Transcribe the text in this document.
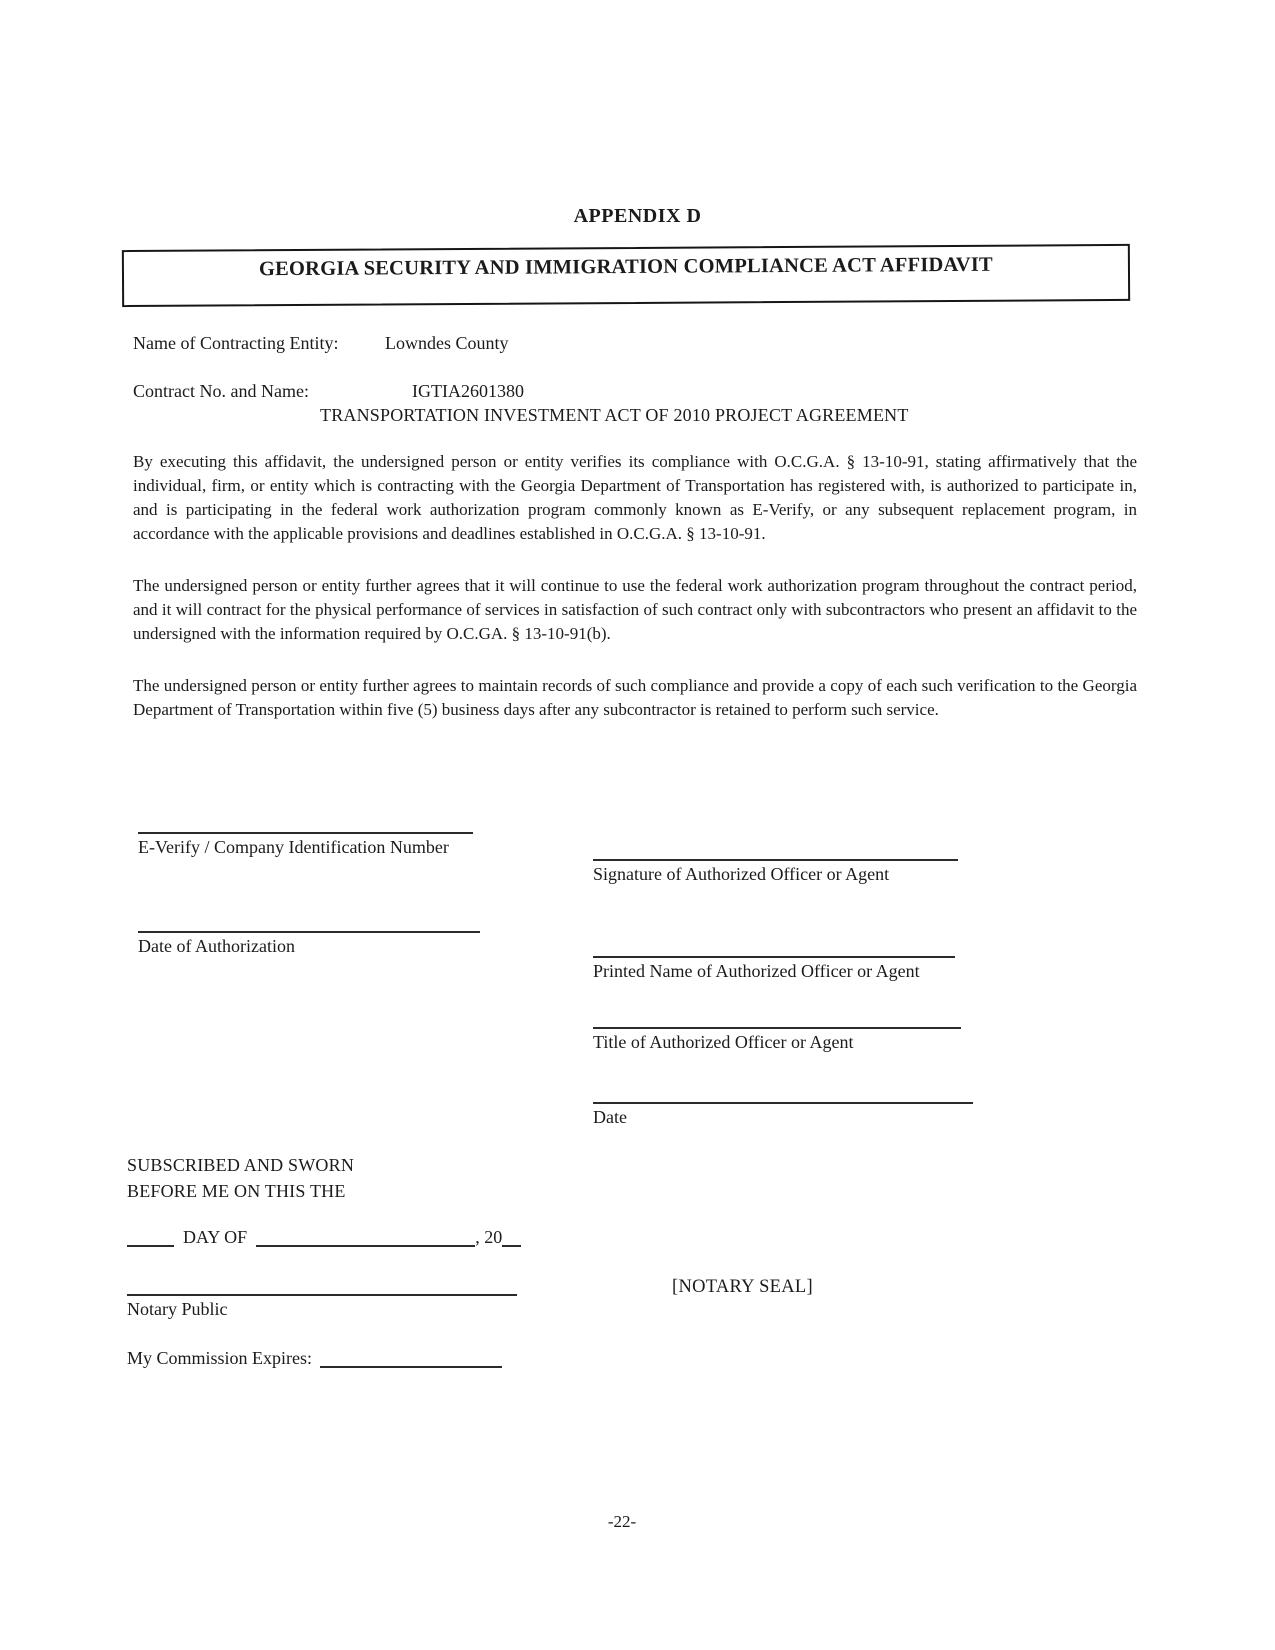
APPENDIX D
GEORGIA SECURITY AND IMMIGRATION COMPLIANCE ACT AFFIDAVIT
Name of Contracting Entity:	Lowndes County
Contract No. and Name:	IGTIA2601380
TRANSPORTATION INVESTMENT ACT OF 2010 PROJECT AGREEMENT

By executing this affidavit, the undersigned person or entity verifies its compliance with O.C.G.A. § 13-10-91, stating affirmatively that the individual, firm, or entity which is contracting with the Georgia Department of Transportation has registered with, is authorized to participate in, and is participating in the federal work authorization program commonly known as E-Verify, or any subsequent replacement program, in accordance with the applicable provisions and deadlines established in O.C.G.A. § 13-10-91.

The undersigned person or entity further agrees that it will continue to use the federal work authorization program throughout the contract period, and it will contract for the physical performance of services in satisfaction of such contract only with subcontractors who present an affidavit to the undersigned with the information required by O.C.GA. § 13-10-91(b).

The undersigned person or entity further agrees to maintain records of such compliance and provide a copy of each such verification to the Georgia Department of Transportation within five (5) business days after any subcontractor is retained to perform such service.

E-Verify / Company Identification Number
Date of Authorization
Signature of Authorized Officer or Agent
Printed Name of Authorized Officer or Agent
Title of Authorized Officer or Agent
Date
SUBSCRIBED AND SWORN
BEFORE ME ON THIS THE
DAY OF	, 20
Notary Public
[NOTARY SEAL]
My Commission Expires:
-22-
